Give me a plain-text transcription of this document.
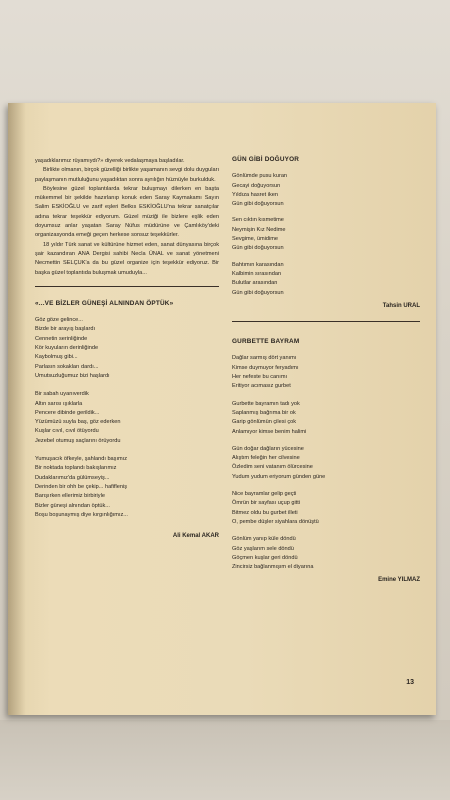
yaşadıklarımız rüyamıydı?» diyerek vedalaşmaya başladılar.

Birlikte olmanın, birçok güzelliği birlikte yaşamanın sevgi dolu duyguları paylaşmanın mutluluğunu yaşadıktan sonra ayrılığın hüznüyle burkulduk.

Böylesine güzel toplantılarda tekrar buluşmayı dilerken en başta mükemmel bir şekilde hazırlanıp konuk eden Saray Kaymakamı Sayın Salim ESKİOĞLU ve zarif eşleri Belkıs ESKİOĞLU'na tekrar sanatçılar adına tekrar teşekkür ediyorum. Güzel müziği ile bizlere eşlik eden doyumsuz anlar yaşatan Saray Nüfus müdürüne ve Çamlıköy'deki organizasyonda emeği geçen herkese sonsuz teşekkürler.

18 yıldır Türk sanat ve kültürüne hizmet eden, sanat dünyasına birçok şair kazandıran ANA Dergisi sahibi Necla ÜNAL ve sanat yönetmeni Necmettin SELÇUK'a da bu güzel organize için teşekkür ediyoruz. Bir başka güzel toplantıda buluşmak umuduyla...

«...VE BİZLER GÜNEŞİ ALNINDAN ÖPTÜK»

Göz göze gelince...

Bizde bir arayış başlardı

Cennetin serinliğinde

Kör kuyuların derinliğinde

Kaybolmuş gibi...

Parlasın sokakları dardı...

Umutsuzluğumuz bizi haşlardı

Bir sabah uyanıverdik

Altın sarısı ışıklarla

Pencere dibinde gerildik...

Yüzümüzü suyla baş, göz ederken

Kuşlar cıvıl, cıvıl ötüyordu

Jezebel otumuş saçlarını örüyordu

Yumuşacık öfkeyle, şahlandı başımız

Bir noktada toplandı bakışlarımız

Dudaklarımız'da gülümseyiş...

Derinden bir ohh be çekip... hafifleniş

Barışırken ellerimiz birbiriyle

Bizler güneşi alnından öptük...

Boşu boşunaymış diye kırgınlığımız...

Ali Kemal AKAR

GÜN GİBİ DOĞUYOR

Gönlümde pusu kuran

Gecayi doğuyorsun

Yıldıza hasret iken

Gün gibi doğuyorsun

Sen cıktın kısmetime

Neymişin Kız Nedime

Sevgime, ümidime

Gün gibi doğuyorsun

Bahtımın karasından

Kalbimin sırasından

Bulutlar arasından

Gün gibi doğuyorsun

Tahsin URAL

GURBETTE BAYRAM

Dağlar sarmış dört yanımı

Kimse duymuyor feryadımı

Her nefeste bu canımı

Eritiyor acımasız gurbet

Gurbette bayramın tadı yok

Saplanmış bağrıma bir ok

Garip gönlümün çilesi çok

Anlamıyor kimse benim halimi

Gün doğar dağların yücesine

Alıştım feleğin her cilvesine

Özledim seni vatanım ölürcesine

Yudum yudum eriyorum günden güne

Nice bayramlar gelip geçti

Ömrün bir sayfası uçup gitti

Bitmez oldu bu gurbet illeti

O, pembe düşler siyahlara dönüştü

Gönlüm yanıp küle döndü

Göz yaşlarım sele döndü

Göçmen kuşlar geri döndü

Zincirsiz bağlanmışım el diyarına

Emine YILMAZ

13
